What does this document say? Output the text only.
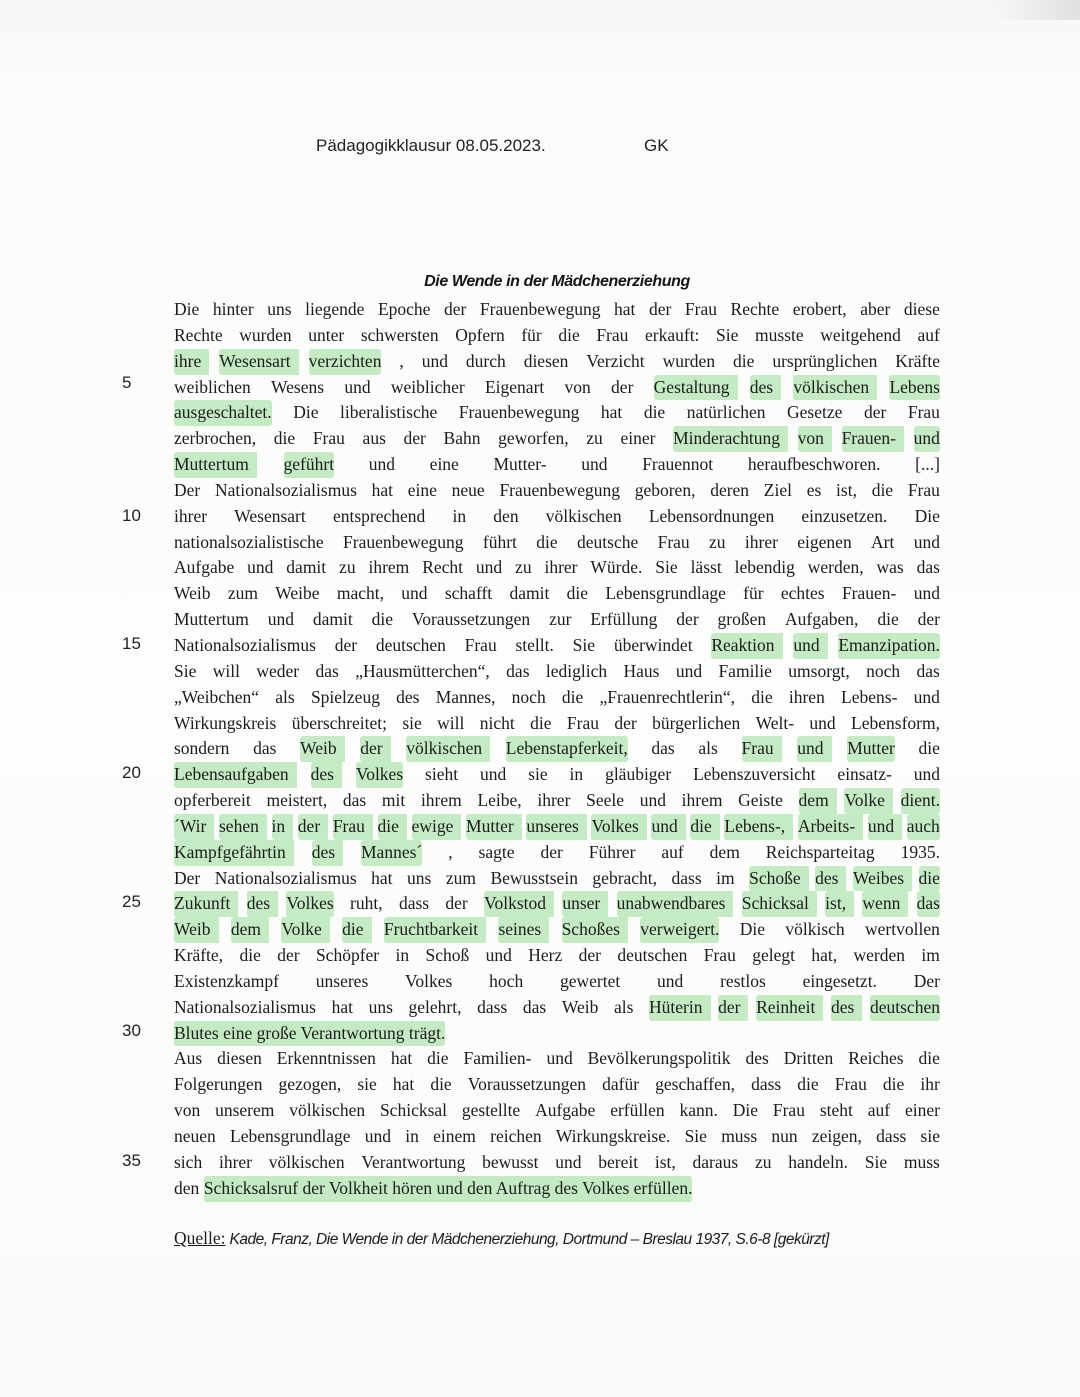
Pädagogikklausur 08.05.2023.	GK
Die Wende in der Mädchenerziehung
Die hinter uns liegende Epoche der Frauenbewegung hat der Frau Rechte erobert, aber diese
Rechte wurden unter schwersten Opfern für die Frau erkauft: Sie musste weitgehend auf
ihre Wesensart verzichten , und durch diesen Verzicht wurden die ursprünglichen Kräfte
weiblichen Wesens und weiblicher Eigenart von der Gestaltung des völkischen Lebens
ausgeschaltet. Die liberalistische Frauenbewegung hat die natürlichen Gesetze der Frau
zerbrochen, die Frau aus der Bahn geworfen, zu einer Minderachtung von Frauen- und
Muttertum geführt und eine Mutter- und Frauennot heraufbeschworen. [...]
Der Nationalsozialismus hat eine neue Frauenbewegung geboren, deren Ziel es ist, die Frau
ihrer Wesensart entsprechend in den völkischen Lebensordnungen einzusetzen. Die
nationalsozialistische Frauenbewegung führt die deutsche Frau zu ihrer eigenen Art und
Aufgabe und damit zu ihrem Recht und zu ihrer Würde. Sie lässt lebendig werden, was das
Weib zum Weibe macht, und schafft damit die Lebensgrundlage für echtes Frauen- und
Muttertum und damit die Voraussetzungen zur Erfüllung der großen Aufgaben, die der
Nationalsozialismus der deutschen Frau stellt. Sie überwindet Reaktion und Emanzipation.
Sie will weder das „Hausmütterchen“, das lediglich Haus und Familie umsorgt, noch das
„Weibchen“ als Spielzeug des Mannes, noch die „Frauenrechtlerin“, die ihren Lebens- und
Wirkungskreis überschreitet; sie will nicht die Frau der bürgerlichen Welt- und Lebensform,
sondern das Weib der völkischen Lebenstapferkeit, das als Frau und Mutter die
Lebensaufgaben des Volkes sieht und sie in gläubiger Lebenszuversicht einsatz- und
opferbereit meistert, das mit ihrem Leibe, ihrer Seele und ihrem Geiste dem Volke dient.
´Wir sehen in der Frau die ewige Mutter unseres Volkes und die Lebens-, Arbeits- und auch
Kampfgefährtin des Mannes´ , sagte der Führer auf dem Reichsparteitag 1935.
Der Nationalsozialismus hat uns zum Bewusstsein gebracht, dass im Schoße des Weibes die
Zukunft des Volkes ruht, dass der Volkstod unser unabwendbares Schicksal ist, wenn das
Weib dem Volke die Fruchtbarkeit seines Schoßes verweigert. Die völkisch wertvollen
Kräfte, die der Schöpfer in Schoß und Herz der deutschen Frau gelegt hat, werden im
Existenzkampf unseres Volkes hoch gewertet und restlos eingesetzt. Der
Nationalsozialismus hat uns gelehrt, dass das Weib als Hüterin der Reinheit des deutschen
Blutes eine große Verantwortung trägt.
Aus diesen Erkenntnissen hat die Familien- und Bevölkerungspolitik des Dritten Reiches die
Folgerungen gezogen, sie hat die Voraussetzungen dafür geschaffen, dass die Frau die ihr
von unserem völkischen Schicksal gestellte Aufgabe erfüllen kann. Die Frau steht auf einer
neuen Lebensgrundlage und in einem reichen Wirkungskreise. Sie muss nun zeigen, dass sie
sich ihrer völkischen Verantwortung bewusst und bereit ist, daraus zu handeln. Sie muss
den Schicksalsruf der Volkheit hören und den Auftrag des Volkes erfüllen.
5
10
15
20
25
30
35
Quelle: Kade, Franz, Die Wende in der Mädchenerziehung, Dortmund – Breslau 1937, S.6-8 [gekürzt]
